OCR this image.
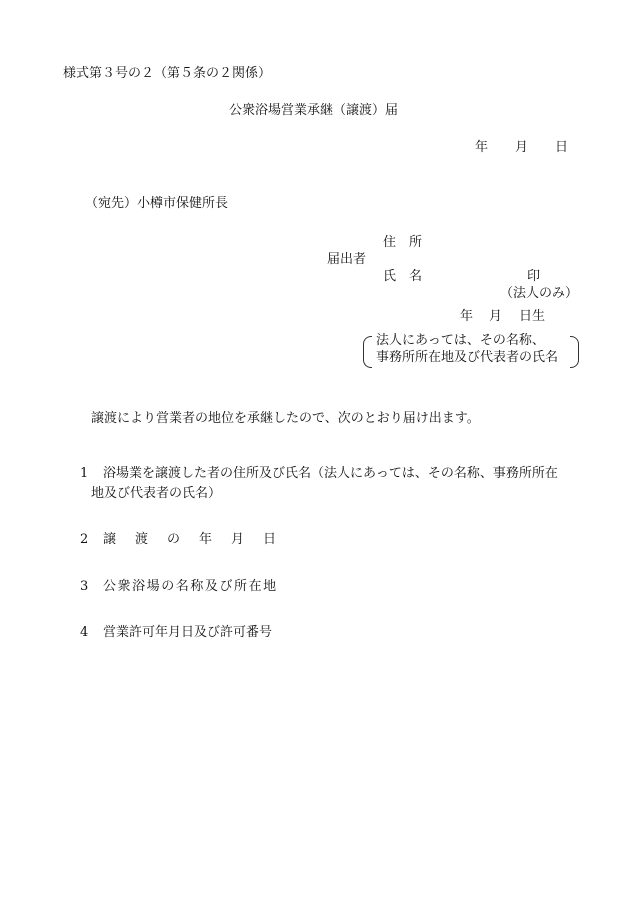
様式第３号の２（第５条の２関係）
公衆浴場営業承継（譲渡）届
年 月 日
（宛先）小樽市保健所長
住　所
届出者
氏　名	印
（法人のみ）
年 月 日生
法人にあっては、その名称、
事務所所在地及び代表者の氏名
譲渡により営業者の地位を承継したので、次のとおり届け出ます。
1 浴場業を譲渡した者の住所及び氏名（法人にあっては、その名称、事務所所在
地及び代表者の氏名）
2 譲 渡 の 年 月 日
3 公衆浴場の名称及び所在地
4 営業許可年月日及び許可番号
